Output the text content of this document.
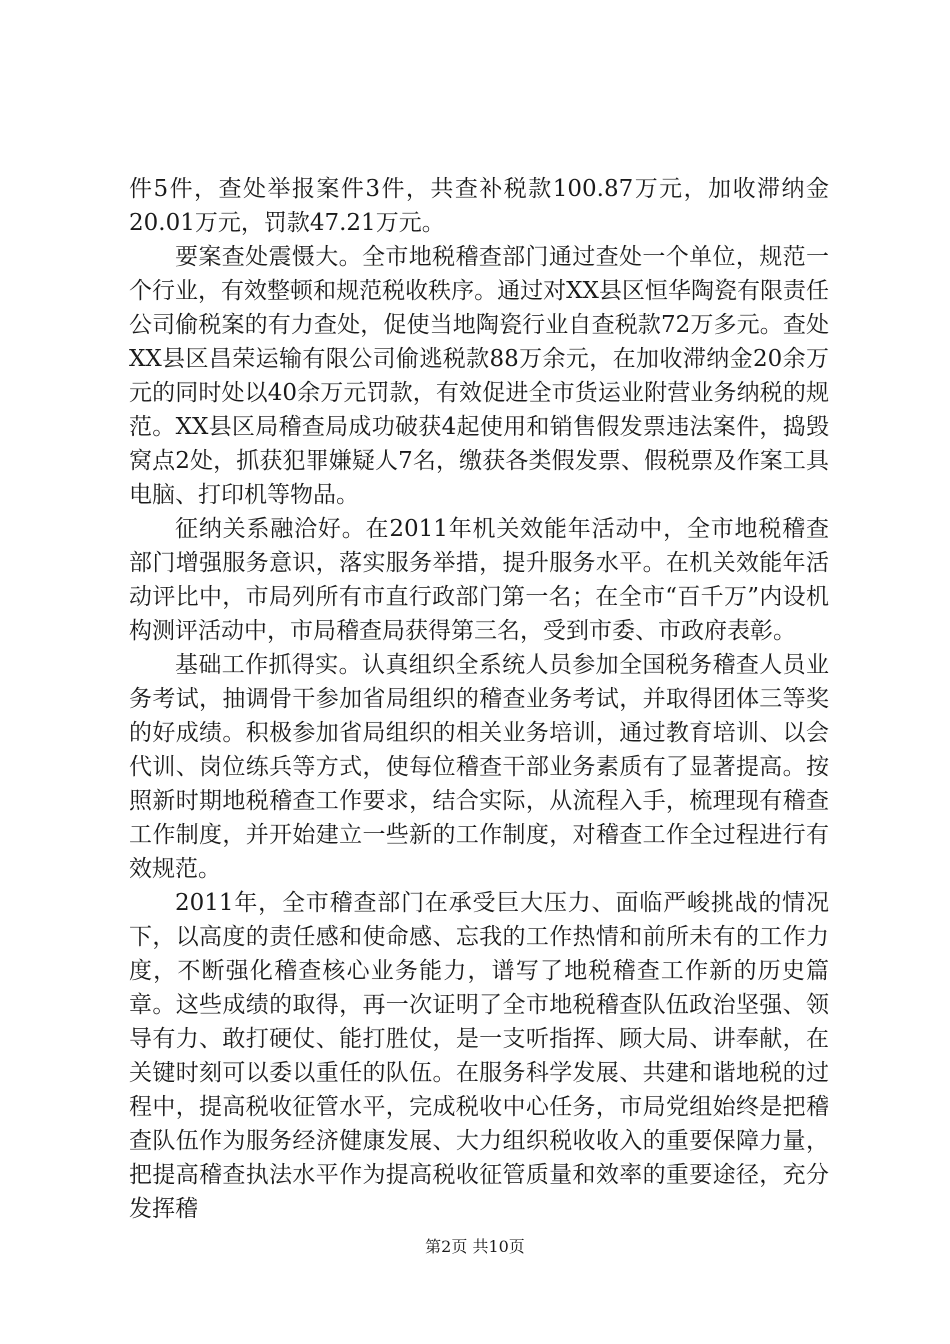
件5件，查处举报案件3件，共查补税款100.87万元，加收滞纳金20.01万元，罚款47.21万元。

要案查处震慑大。全市地税稽查部门通过查处一个单位，规范一个行业，有效整顿和规范税收秩序。通过对XX县区恒华陶瓷有限责任公司偷税案的有力查处，促使当地陶瓷行业自查税款72万多元。查处XX县区昌荣运输有限公司偷逃税款88万余元，在加收滞纳金20余万元的同时处以40余万元罚款，有效促进全市货运业附营业务纳税的规范。XX县区局稽查局成功破获4起使用和销售假发票违法案件，捣毁窝点2处，抓获犯罪嫌疑人7名，缴获各类假发票、假税票及作案工具电脑、打印机等物品。

征纳关系融洽好。在2011年机关效能年活动中，全市地税稽查部门增强服务意识，落实服务举措，提升服务水平。在机关效能年活动评比中，市局列所有市直行政部门第一名；在全市“百千万”内设机构测评活动中，市局稽查局获得第三名，受到市委、市政府表彰。

基础工作抓得实。认真组织全系统人员参加全国税务稽查人员业务考试，抽调骨干参加省局组织的稽查业务考试，并取得团体三等奖的好成绩。积极参加省局组织的相关业务培训，通过教育培训、以会代训、岗位练兵等方式，使每位稽查干部业务素质有了显著提高。按照新时期地税稽查工作要求，结合实际，从流程入手，梳理现有稽查工作制度，并开始建立一些新的工作制度，对稽查工作全过程进行有效规范。

2011年，全市稽查部门在承受巨大压力、面临严峻挑战的情况下，以高度的责任感和使命感、忘我的工作热情和前所未有的工作力度，不断强化稽查核心业务能力，谱写了地税稽查工作新的历史篇章。这些成绩的取得，再一次证明了全市地税稽查队伍政治坚强、领导有力、敢打硬仗、能打胜仗，是一支听指挥、顾大局、讲奉献，在关键时刻可以委以重任的队伍。在服务科学发展、共建和谐地税的过程中，提高税收征管水平，完成税收中心任务，市局党组始终是把稽查队伍作为服务经济健康发展、大力组织税收收入的重要保障力量，把提高稽查执法水平作为提高税收征管质量和效率的重要途径，充分发挥稽

第2页 共10页
